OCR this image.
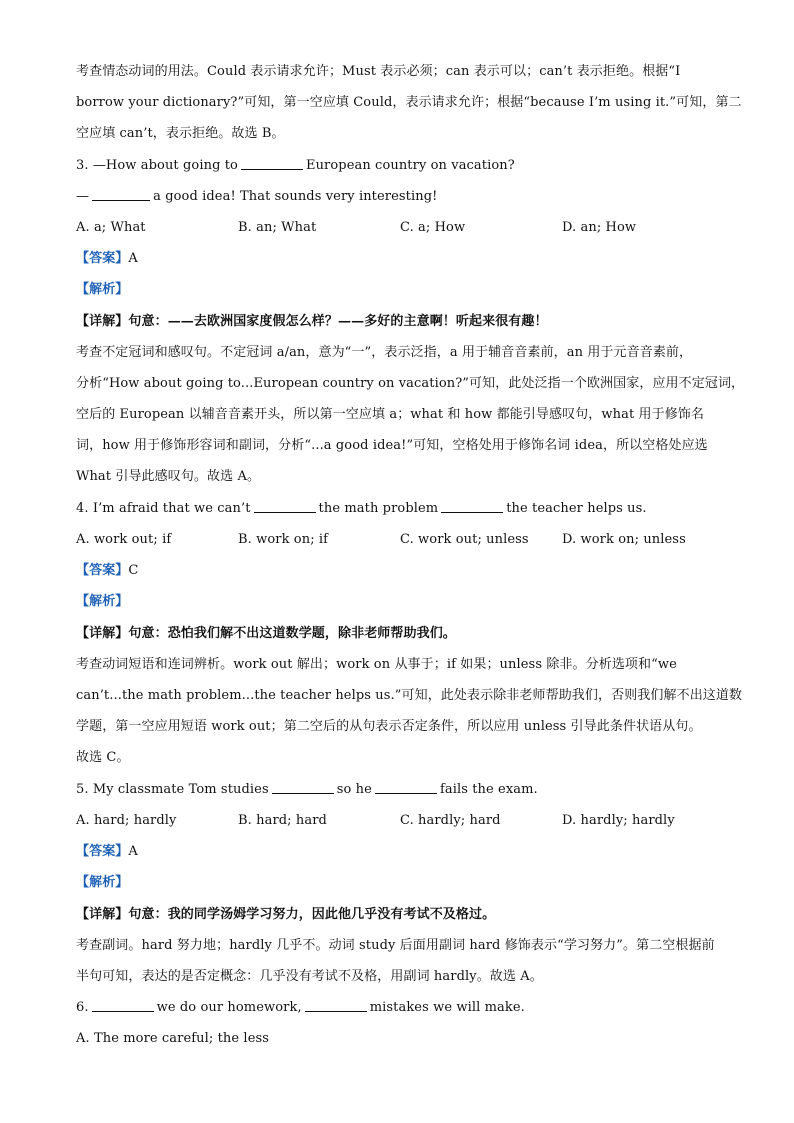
考查情态动词的用法。Could 表示请求允许；Must 表示必须；can 表示可以；can’t 表示拒绝。根据“I
borrow your dictionary?”可知，第一空应填 Could，表示请求允许；根据“because I’m using it.”可知，第二
空应填 can’t，表示拒绝。故选 B。
3. —How about going to	European country on vacation?
—	a good idea! That sounds very interesting!
A. a; What	B. an; What	C. a; How	D. an; How
【答案】A
【解析】
【详解】句意：——去欧洲国家度假怎么样？——多好的主意啊！听起来很有趣！
考查不定冠词和感叹句。不定冠词 a/an，意为“一”，表示泛指，a 用于辅音音素前，an 用于元音音素前，
分析“How about going to...European country on vacation?”可知，此处泛指一个欧洲国家，应用不定冠词，
空后的 European 以辅音音素开头，所以第一空应填 a；what 和 how 都能引导感叹句，what 用于修饰名
词，how 用于修饰形容词和副词，分析“...a good idea!”可知，空格处用于修饰名词 idea，所以空格处应选
What 引导此感叹句。故选 A。
4. I’m afraid that we can’t	the math problem	the teacher helps us.
A. work out; if	B. work on; if	C. work out; unless	D. work on; unless
【答案】C
【解析】
【详解】句意：恐怕我们解不出这道数学题，除非老师帮助我们。
考查动词短语和连词辨析。work out 解出；work on 从事于；if 如果；unless 除非。分析选项和“we
can’t...the math problem...the teacher helps us.”可知，此处表示除非老师帮助我们，否则我们解不出这道数
学题，第一空应用短语 work out；第二空后的从句表示否定条件，所以应用 unless 引导此条件状语从句。
故选 C。
5. My classmate Tom studies	so he	fails the exam.
A. hard; hardly	B. hard; hard	C. hardly; hard	D. hardly; hardly
【答案】A
【解析】
【详解】句意：我的同学汤姆学习努力，因此他几乎没有考试不及格过。
考查副词。hard 努力地；hardly 几乎不。动词 study 后面用副词 hard 修饰表示“学习努力”。第二空根据前
半句可知，表达的是否定概念：几乎没有考试不及格，用副词 hardly。故选 A。
6.	we do our homework,	mistakes we will make.
A. The more careful; the less
